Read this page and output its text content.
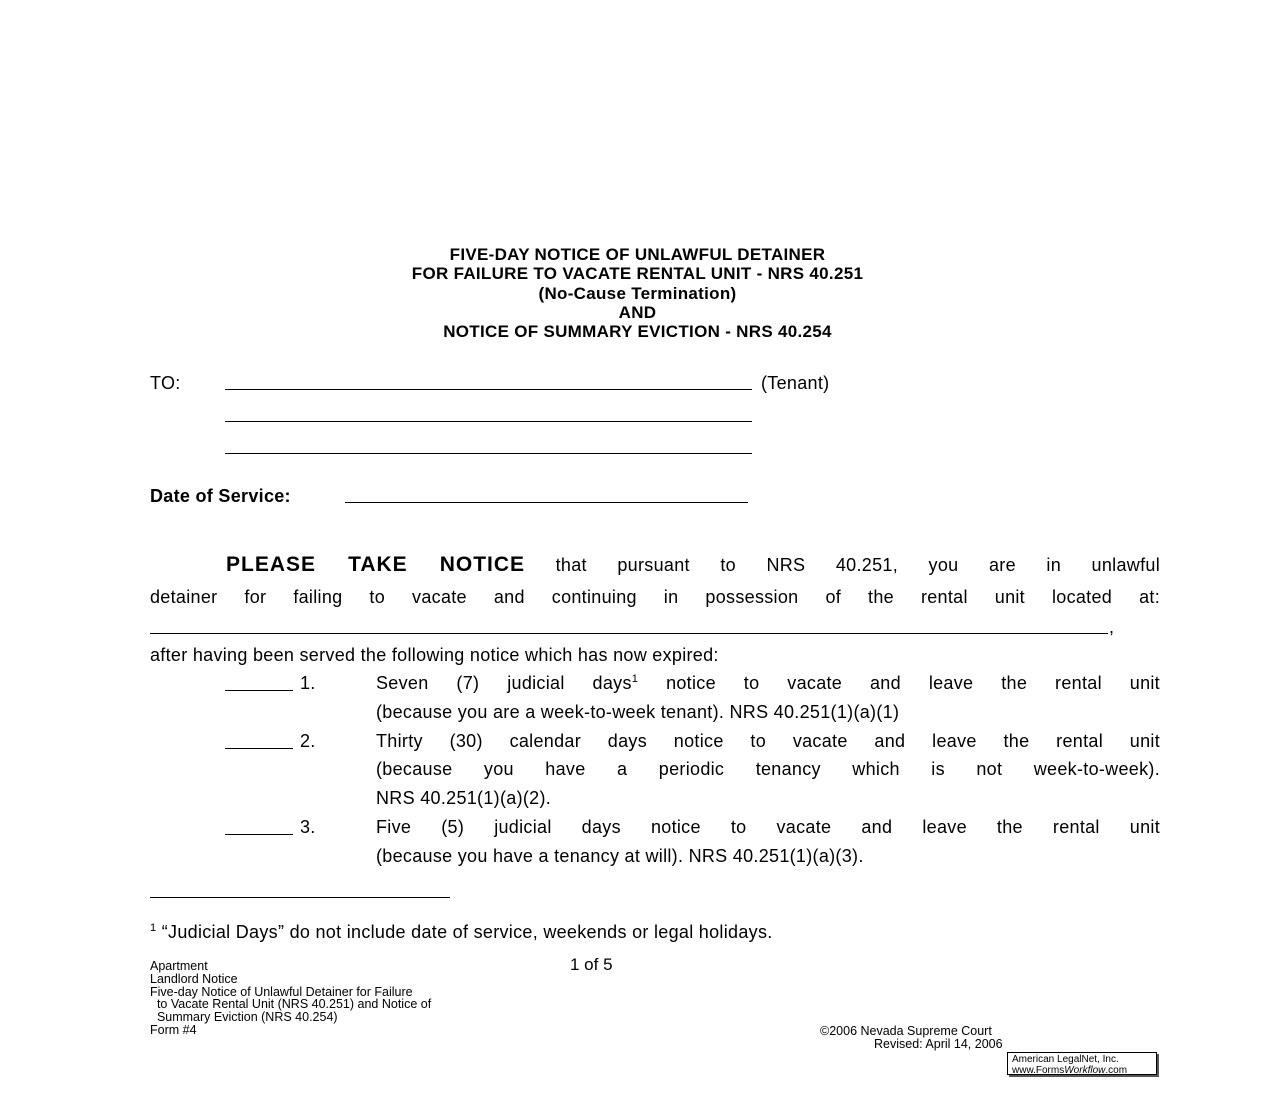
FIVE-DAY NOTICE OF UNLAWFUL DETAINER
FOR FAILURE TO VACATE RENTAL UNIT - NRS 40.251
(No-Cause Termination)
AND
NOTICE OF SUMMARY EVICTION - NRS 40.254
TO:	(Tenant)
Date of Service:
PLEASE TAKE NOTICE that pursuant to NRS 40.251, you are in unlawful
detainer for failing to vacate and continuing in possession of the rental unit located at:
,
after having been served the following notice which has now expired:
1.	Seven (7) judicial days$^1$ notice to vacate and leave the rental unit
(because you are a week-to-week tenant). NRS 40.251(1)(a)(1)
2.	Thirty (30) calendar days notice to vacate and leave the rental unit
(because you have a periodic tenancy which is not week-to-week).
NRS 40.251(1)(a)(2).
3.	Five (5) judicial days notice to vacate and leave the rental unit
(because you have a tenancy at will). NRS 40.251(1)(a)(3).
$^1$ “Judicial Days” do not include date of service, weekends or legal holidays.
1 of 5
Apartment
Landlord Notice
Five-day Notice of Unlawful Detainer for Failure
to Vacate Rental Unit (NRS 40.251) and Notice of
Summary Eviction (NRS 40.254)
Form #4	©2006 Nevada Supreme Court
Revised: April 14, 2006
American LegalNet, Inc.
www.FormsWorkflow.com
